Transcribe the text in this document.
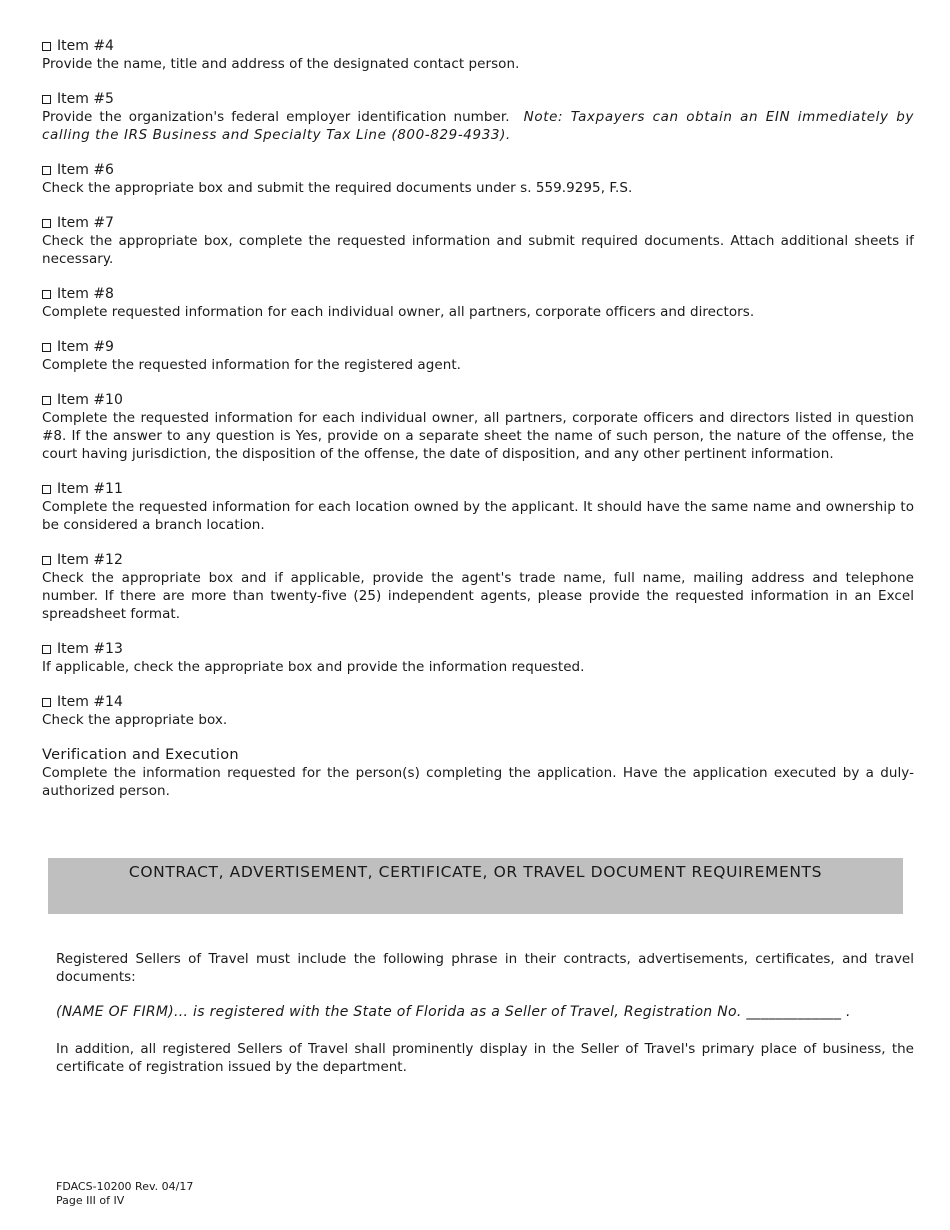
Item #4
Provide the name, title and address of the designated contact person.
Item #5
Provide the organization's federal employer identification number. Note: Taxpayers can obtain an EIN immediately by calling the IRS Business and Specialty Tax Line (800-829-4933).
Item #6
Check the appropriate box and submit the required documents under s. 559.9295, F.S.
Item #7
Check the appropriate box, complete the requested information and submit required documents. Attach additional sheets if necessary.
Item #8
Complete requested information for each individual owner, all partners, corporate officers and directors.
Item #9
Complete the requested information for the registered agent.
Item #10
Complete the requested information for each individual owner, all partners, corporate officers and directors listed in question #8. If the answer to any question is Yes, provide on a separate sheet the name of such person, the nature of the offense, the court having jurisdiction, the disposition of the offense, the date of disposition, and any other pertinent information.
Item #11
Complete the requested information for each location owned by the applicant. It should have the same name and ownership to be considered a branch location.
Item #12
Check the appropriate box and if applicable, provide the agent's trade name, full name, mailing address and telephone number. If there are more than twenty-five (25) independent agents, please provide the requested information in an Excel spreadsheet format.
Item #13
If applicable, check the appropriate box and provide the information requested.
Item #14
Check the appropriate box.
Verification and Execution
Complete the information requested for the person(s) completing the application. Have the application executed by a duly-authorized person.
CONTRACT, ADVERTISEMENT, CERTIFICATE, OR TRAVEL DOCUMENT REQUIREMENTS

Registered Sellers of Travel must include the following phrase in their contracts, advertisements, certificates, and travel documents:

(NAME OF FIRM)... is registered with the State of Florida as a Seller of Travel, Registration No. _____________ .

In addition, all registered Sellers of Travel shall prominently display in the Seller of Travel's primary place of business, the certificate of registration issued by the department.

FDACS-10200 Rev. 04/17
Page III of IV
